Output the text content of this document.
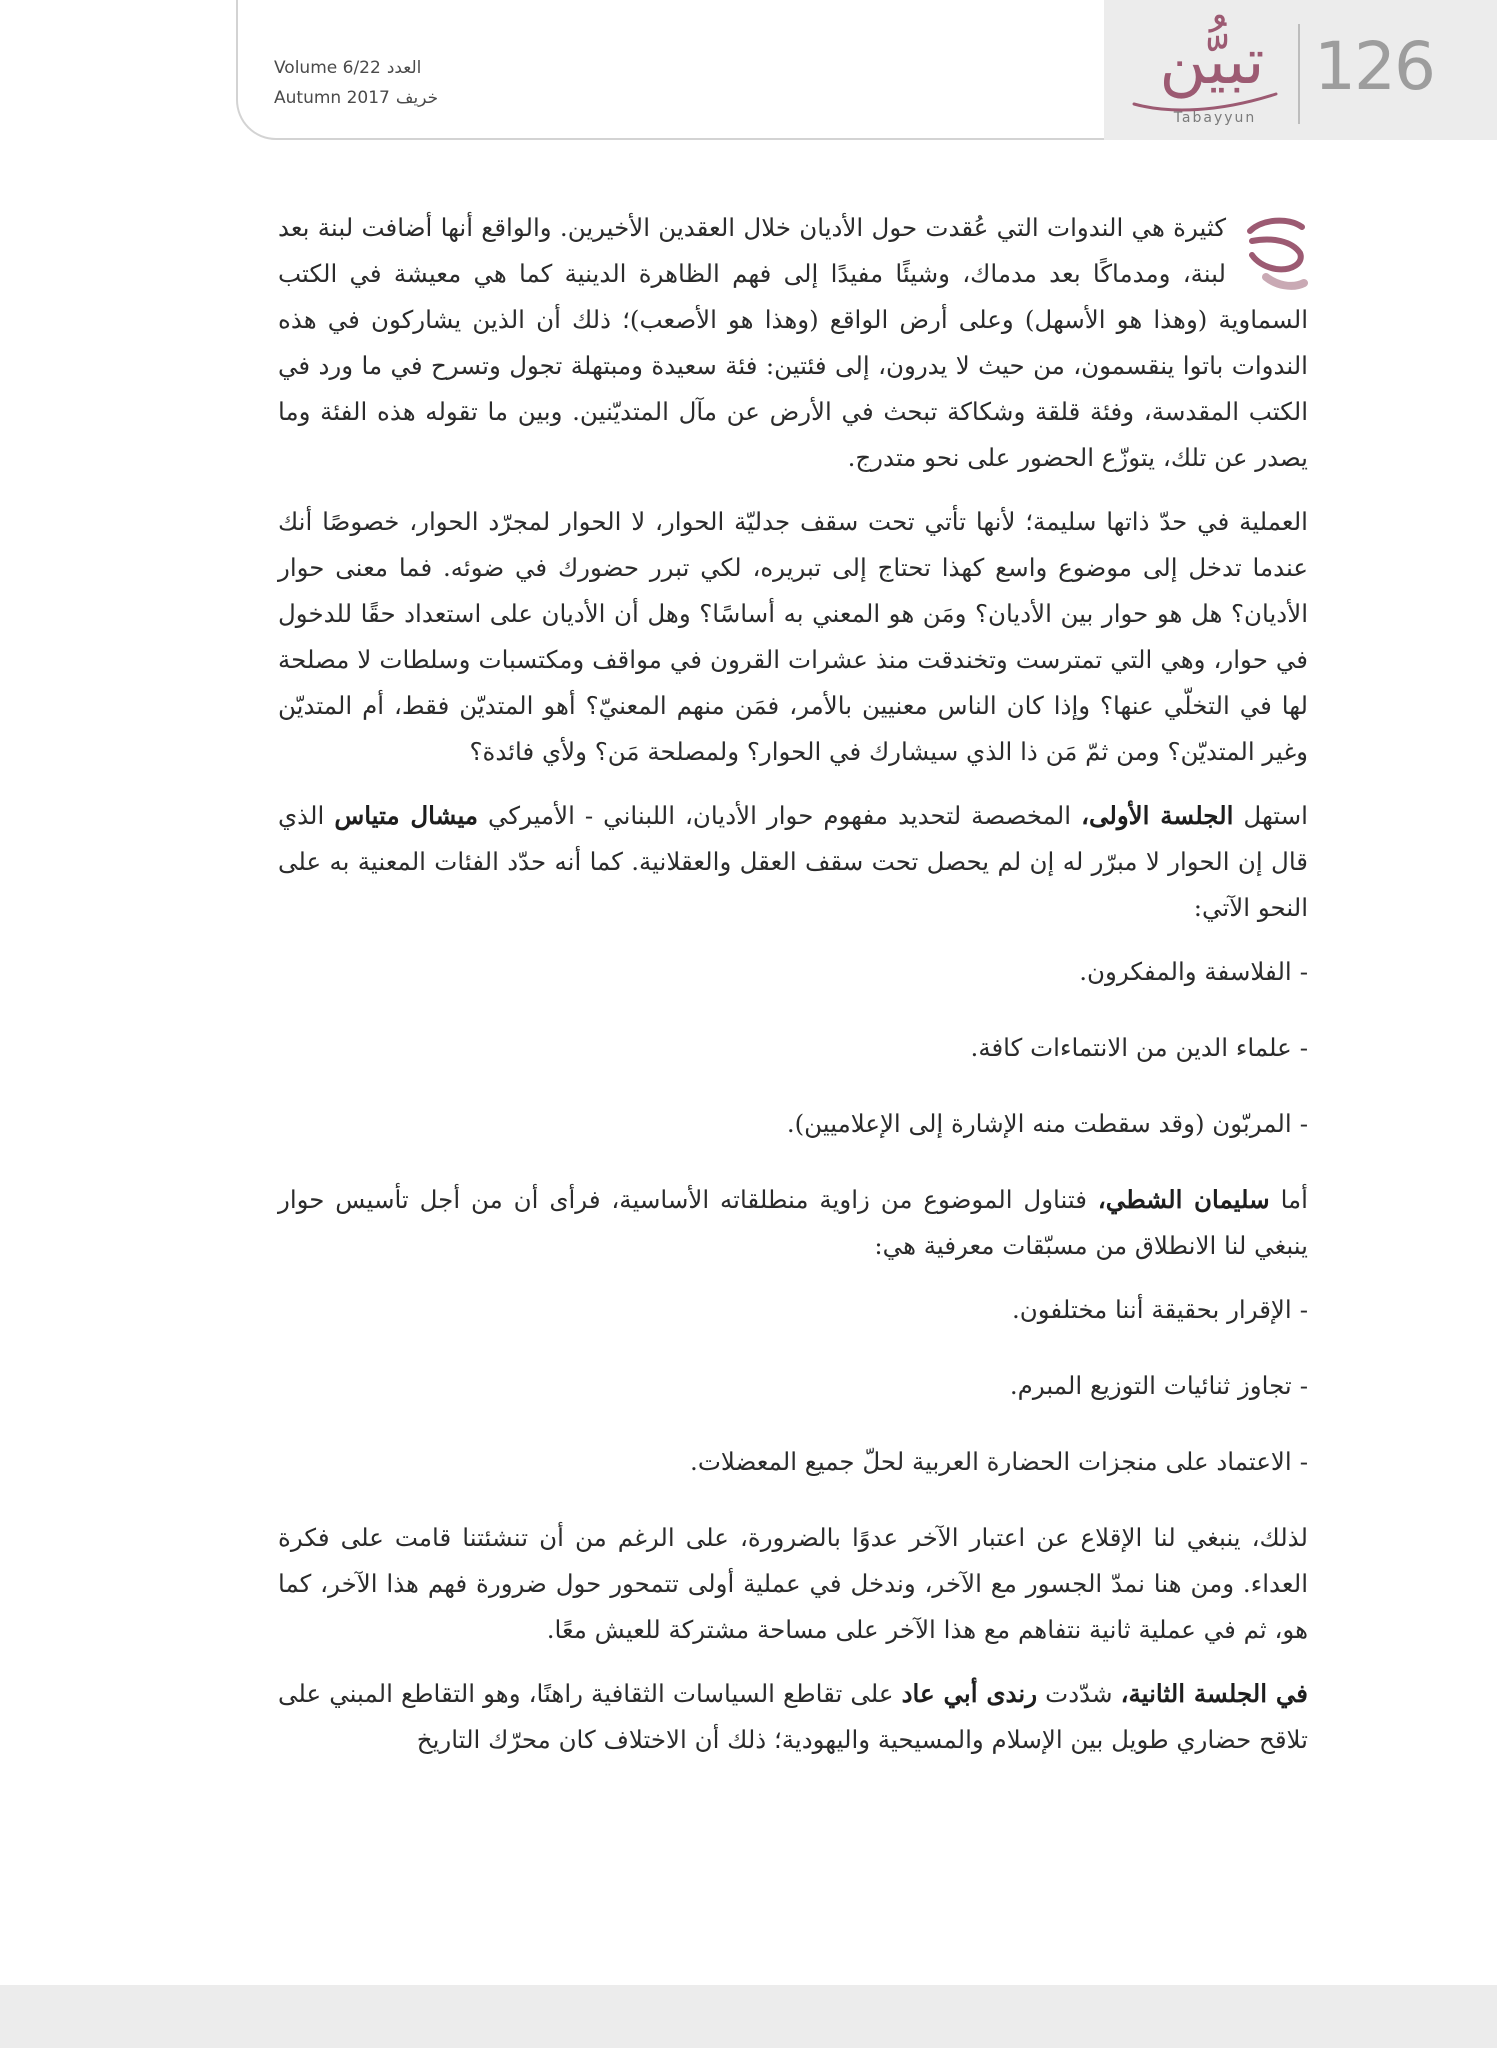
Volume 6/22 العدد
Autumn 2017 خريف	تبيُّن
Tabayyun
126

كثيرة هي الندوات التي عُقدت حول الأديان خلال العقدين الأخيرين. والواقع أنها أضافت لبنة بعد لبنة، ومدماكًا بعد مدماك، وشيئًا مفيدًا إلى فهم الظاهرة الدينية كما هي معيشة في الكتب السماوية (وهذا هو الأسهل) وعلى أرض الواقع (وهذا هو الأصعب)؛ ذلك أن الذين يشاركون في هذه الندوات باتوا ينقسمون، من حيث لا يدرون، إلى فئتين: فئة سعيدة ومبتهلة تجول وتسرح في ما ورد في الكتب المقدسة، وفئة قلقة وشكاكة تبحث في الأرض عن مآل المتديّنين. وبين ما تقوله هذه الفئة وما يصدر عن تلك، يتوزّع الحضور على نحو متدرج.

العملية في حدّ ذاتها سليمة؛ لأنها تأتي تحت سقف جدليّة الحوار، لا الحوار لمجرّد الحوار، خصوصًا أنك عندما تدخل إلى موضوع واسع كهذا تحتاج إلى تبريره، لكي تبرر حضورك في ضوئه. فما معنى حوار الأديان؟ هل هو حوار بين الأديان؟ ومَن هو المعني به أساسًا؟ وهل أن الأديان على استعداد حقًا للدخول في حوار، وهي التي تمترست وتخندقت منذ عشرات القرون في مواقف ومكتسبات وسلطات لا مصلحة لها في التخلّي عنها؟ وإذا كان الناس معنيين بالأمر، فمَن منهم المعنيّ؟ أهو المتديّن فقط، أم المتديّن وغير المتديّن؟ ومن ثمّ مَن ذا الذي سيشارك في الحوار؟ ولمصلحة مَن؟ ولأي فائدة؟

استهل الجلسة الأولى، المخصصة لتحديد مفهوم حوار الأديان، اللبناني - الأميركي ميشال متياس الذي قال إن الحوار لا مبرّر له إن لم يحصل تحت سقف العقل والعقلانية. كما أنه حدّد الفئات المعنية به على النحو الآتي:

-الفلاسفة والمفكرون.
-علماء الدين من الانتماءات كافة.
-المربّون (وقد سقطت منه الإشارة إلى الإعلاميين).

أما سليمان الشطي، فتناول الموضوع من زاوية منطلقاته الأساسية، فرأى أن من أجل تأسيس حوار ينبغي لنا الانطلاق من مسبّقات معرفية هي:

-الإقرار بحقيقة أننا مختلفون.
-تجاوز ثنائيات التوزيع المبرم.
-الاعتماد على منجزات الحضارة العربية لحلّ جميع المعضلات.

لذلك، ينبغي لنا الإقلاع عن اعتبار الآخر عدوًا بالضرورة، على الرغم من أن تنشئتنا قامت على فكرة العداء. ومن هنا نمدّ الجسور مع الآخر، وندخل في عملية أولى تتمحور حول ضرورة فهم هذا الآخر، كما هو، ثم في عملية ثانية نتفاهم مع هذا الآخر على مساحة مشتركة للعيش معًا.

في الجلسة الثانية، شدّدت رندى أبي عاد على تقاطع السياسات الثقافية راهنًا، وهو التقاطع المبني على تلاقح حضاري طويل بين الإسلام والمسيحية واليهودية؛ ذلك أن الاختلاف كان محرّك التاريخ
